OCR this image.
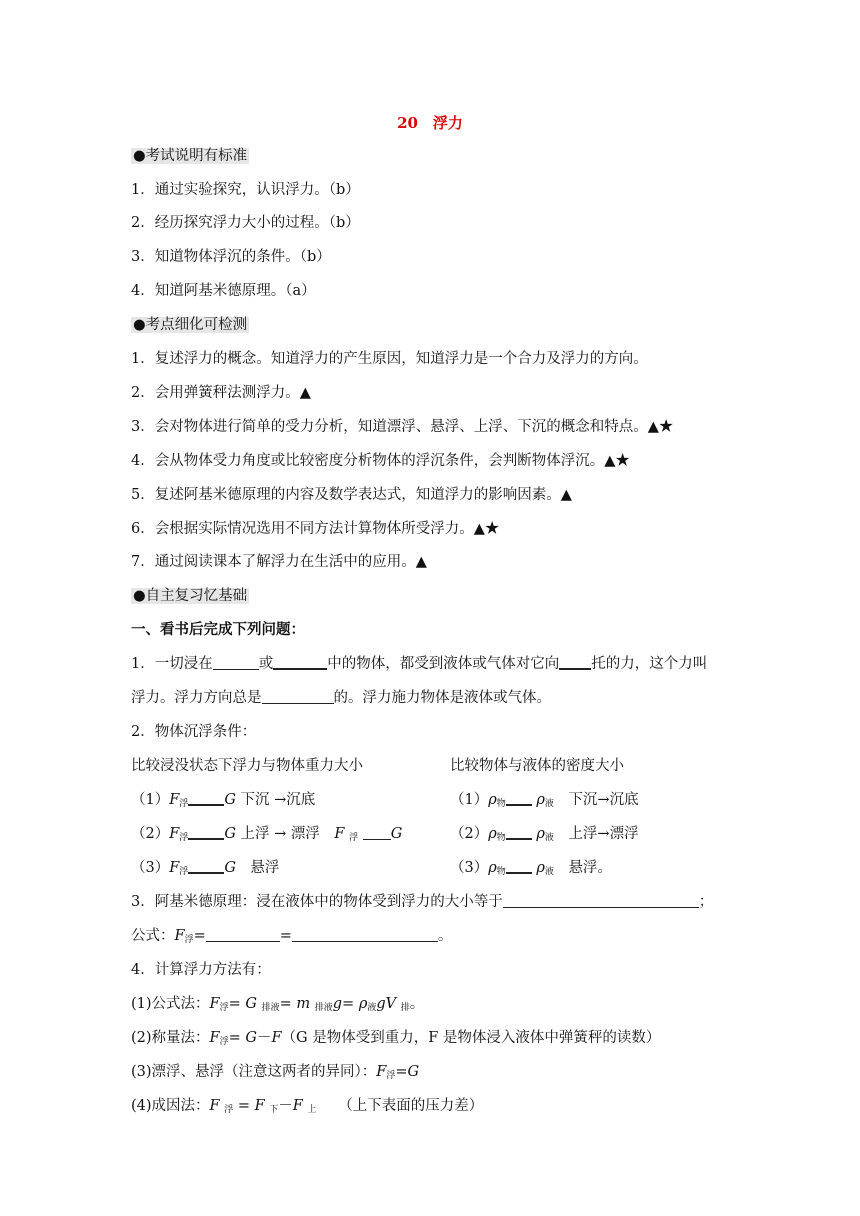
20　浮力
●考试说明有标准
1．通过实验探究，认识浮力。（b）
2．经历探究浮力大小的过程。（b）
3．知道物体浮沉的条件。（b）
4．知道阿基米德原理。（a）
●考点细化可检测
1．复述浮力的概念。知道浮力的产生原因，知道浮力是一个合力及浮力的方向。
2．会用弹簧秤法测浮力。▲
3．会对物体进行简单的受力分析，知道漂浮、悬浮、上浮、下沉的概念和特点。▲★
4．会从物体受力角度或比较密度分析物体的浮沉条件，会判断物体浮沉。▲★
5．复述阿基米德原理的内容及数学表达式，知道浮力的影响因素。▲
6．会根据实际情况选用不同方法计算物体所受浮力。▲★
7．通过阅读课本了解浮力在生活中的应用。▲
●自主复习忆基础
一、看书后完成下列问题：
1．一切浸在	或	中的物体，都受到液体或气体对它向 托的力，这个力叫
浮力。浮力方向总是	的。浮力施力物体是液体或气体。
2．物体沉浮条件：
比较浸没状态下浮力与物体重力大小	比较物体与液体的密度大小
$(1)F_浮$ G 下沉 →沉底	$(1)\rho_物$ $\rho_液$　 下沉→沉底
$(2)F_浮$ G 上浮 → 漂浮　 F $_浮$ G	$(2)\rho_物$ $\rho_液$　 上浮→漂浮
$(3)F_浮$ G　 悬浮	$(3)\rho_物$ $\rho_液$　 悬浮。
3．阿基米德原理：浸在液体中的物体受到浮力的大小等于	；
公式：$F_浮=$	=	。
4．计算浮力方法有：
(1)公式法：$F_浮= G$ $_{排液}$= m $_{排液}g= \rho_液gV$ $_排$。
(2)称量法：$F_浮= G-F(G$ 是物体受到重力，F 是物体浸入液体中弹簧秤的读数）
(3)漂浮、悬浮（注意这两者的异同）：$F_浮=G$
(4)成因法：F $_浮$ = F $_下$－F $_上$　　 （上下表面的压力差）
